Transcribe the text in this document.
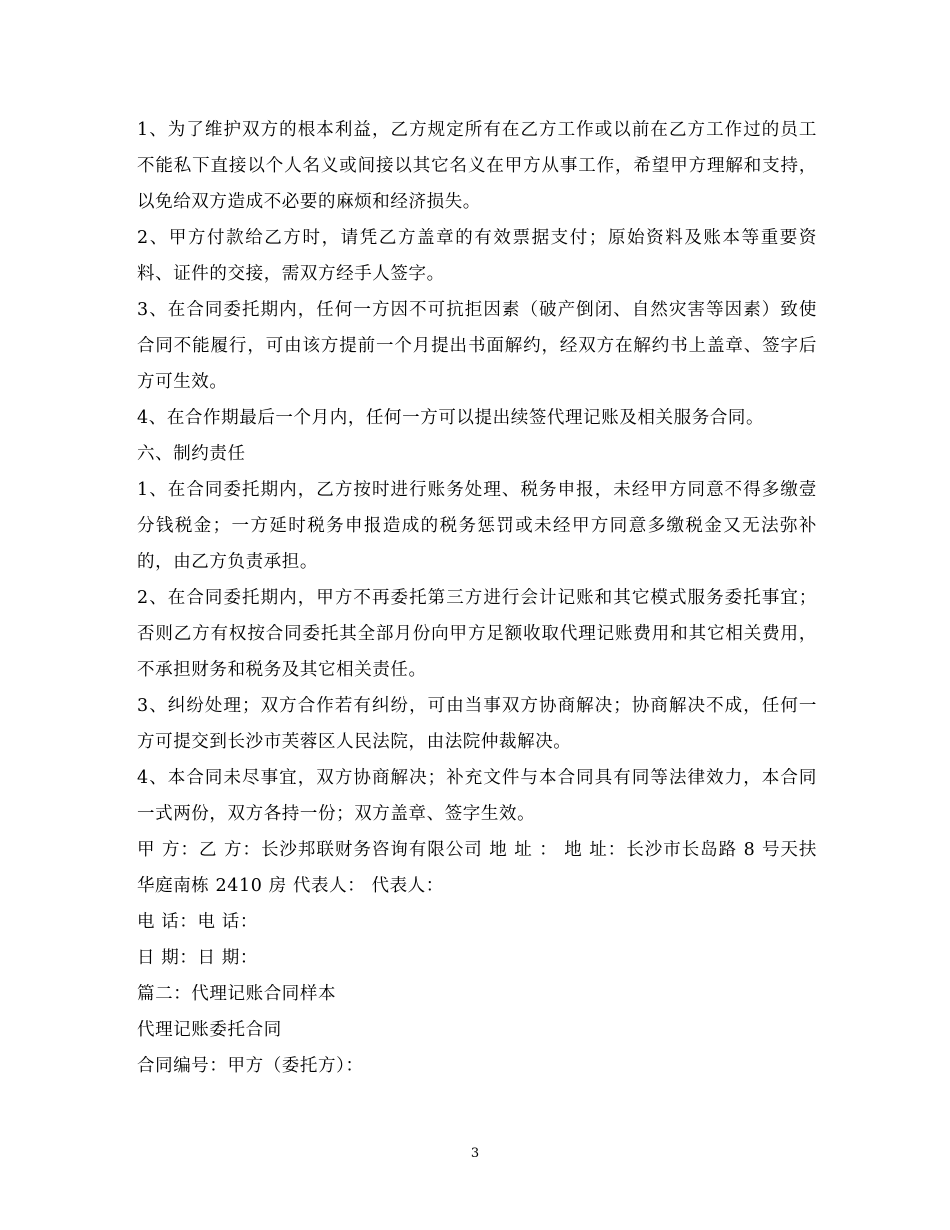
1、为了维护双方的根本利益，乙方规定所有在乙方工作或以前在乙方工作过的员工不能私下直接以个人名义或间接以其它名义在甲方从事工作，希望甲方理解和支持，以免给双方造成不必要的麻烦和经济损失。

2、甲方付款给乙方时，请凭乙方盖章的有效票据支付；原始资料及账本等重要资料、证件的交接，需双方经手人签字。

3、在合同委托期内，任何一方因不可抗拒因素（破产倒闭、自然灾害等因素）致使合同不能履行，可由该方提前一个月提出书面解约，经双方在解约书上盖章、签字后方可生效。

4、在合作期最后一个月内，任何一方可以提出续签代理记账及相关服务合同。

六、制约责任

1、在合同委托期内，乙方按时进行账务处理、税务申报，未经甲方同意不得多缴壹分钱税金；一方延时税务申报造成的税务惩罚或未经甲方同意多缴税金又无法弥补的，由乙方负责承担。

2、在合同委托期内，甲方不再委托第三方进行会计记账和其它模式服务委托事宜；否则乙方有权按合同委托其全部月份向甲方足额收取代理记账费用和其它相关费用，不承担财务和税务及其它相关责任。

3、纠纷处理；双方合作若有纠纷，可由当事双方协商解决；协商解决不成，任何一方可提交到长沙市芙蓉区人民法院，由法院仲裁解决。

4、本合同未尽事宜，双方协商解决；补充文件与本合同具有同等法律效力，本合同一式两份，双方各持一份；双方盖章、签字生效。

甲 方：乙 方：长沙邦联财务咨询有限公司 地 址 ： 地 址：长沙市长岛路 8 号天扶华庭南栋 2410 房 代表人： 代表人：

电 话：电 话：

日 期：日 期：

篇二：代理记账合同样本

代理记账委托合同

合同编号：甲方（委托方）：

3
